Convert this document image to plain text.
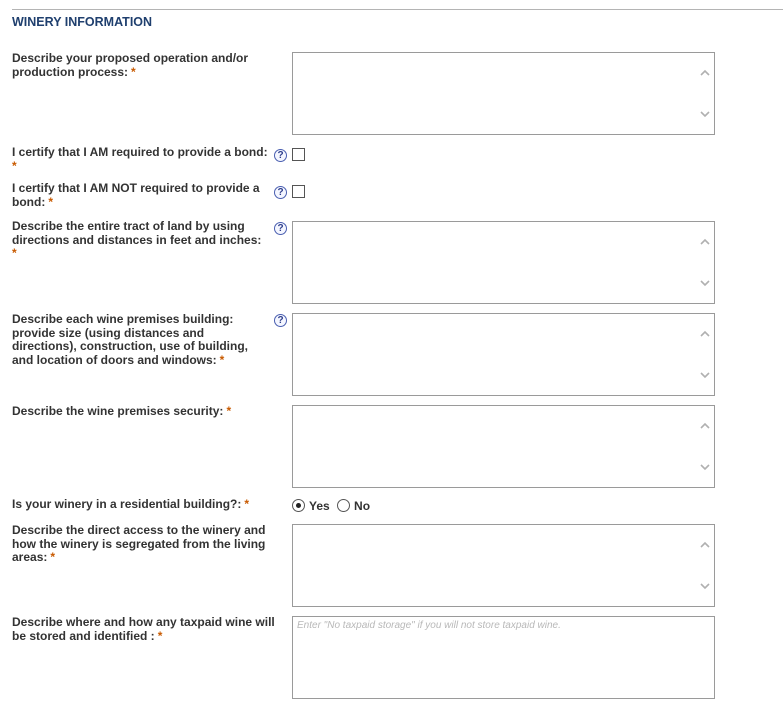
WINERY INFORMATION
Describe your proposed operation and/or production process: *
I certify that I AM required to provide a bond:
*
?
I certify that I AM NOT required to provide a bond: *
?
Describe the entire tract of land by using directions and distances in feet and inches:
*
?
Describe each wine premises building: provide size (using distances and directions), construction, use of building, and location of doors and windows: *
?
Describe the wine premises security: *
Is your winery in a residential building?: *	Yes No
Describe the direct access to the winery and how the winery is segregated from the living areas: *
Describe where and how any taxpaid wine will be stored and identified : *
Enter "No taxpaid storage" if you will not store taxpaid wine.
